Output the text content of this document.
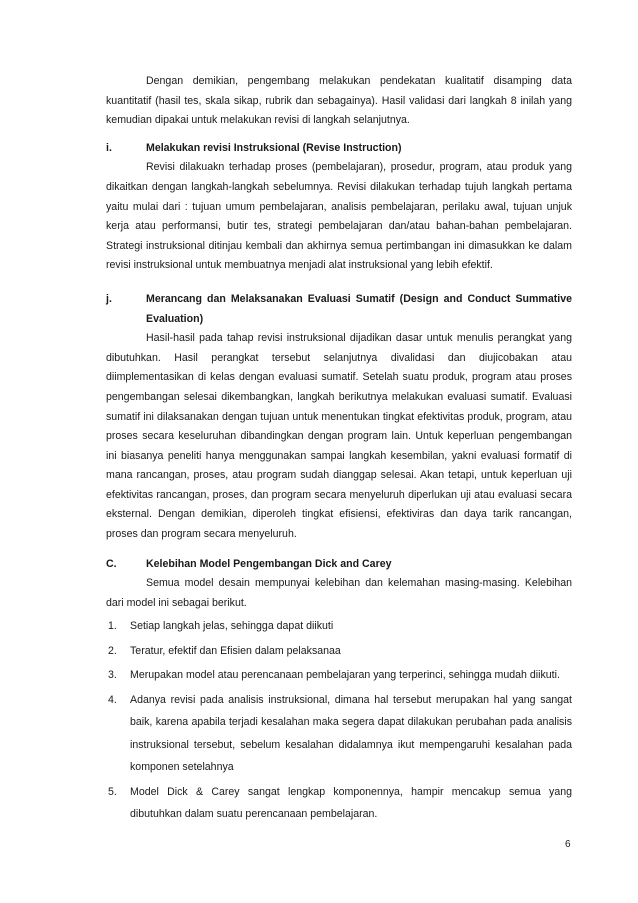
Dengan demikian, pengembang melakukan pendekatan kualitatif disamping data kuantitatif (hasil tes, skala sikap, rubrik dan sebagainya). Hasil validasi dari langkah 8 inilah yang kemudian dipakai untuk melakukan revisi di langkah selanjutnya.

i.	Melakukan revisi Instruksional (Revise Instruction)

Revisi dilakuakn terhadap proses (pembelajaran), prosedur, program, atau produk yang dikaitkan dengan langkah-langkah sebelumnya. Revisi dilakukan terhadap tujuh langkah pertama yaitu mulai dari : tujuan umum pembelajaran, analisis pembelajaran, perilaku awal, tujuan unjuk kerja atau performansi, butir tes, strategi pembelajaran dan/atau bahan-bahan pembelajaran. Strategi instruksional ditinjau kembali dan akhirnya semua pertimbangan ini dimasukkan ke dalam revisi instruksional untuk membuatnya menjadi alat instruksional yang lebih efektif.

j.	Merancang dan Melaksanakan Evaluasi Sumatif (Design and Conduct Summative Evaluation)

Hasil-hasil pada tahap revisi instruksional dijadikan dasar untuk menulis perangkat yang dibutuhkan. Hasil perangkat tersebut selanjutnya divalidasi dan diujicobakan atau diimplementasikan di kelas dengan evaluasi sumatif. Setelah suatu produk, program atau proses pengembangan selesai dikembangkan, langkah berikutnya melakukan evaluasi sumatif. Evaluasi sumatif ini dilaksanakan dengan tujuan untuk menentukan tingkat efektivitas produk, program, atau proses secara keseluruhan dibandingkan dengan program lain. Untuk keperluan pengembangan ini biasanya peneliti hanya menggunakan sampai langkah kesembilan, yakni evaluasi formatif di mana rancangan, proses, atau program sudah dianggap selesai. Akan tetapi, untuk keperluan uji efektivitas rancangan, proses, dan program secara menyeluruh diperlukan uji atau evaluasi secara eksternal. Dengan demikian, diperoleh tingkat efisiensi, efektiviras dan daya tarik rancangan, proses dan program secara menyeluruh.

C.	Kelebihan Model Pengembangan Dick and Carey

Semua model desain mempunyai kelebihan dan kelemahan masing-masing. Kelebihan dari model ini sebagai berikut.

1.	Setiap langkah jelas, sehingga dapat diikuti
2.	Teratur, efektif dan Efisien dalam pelaksanaa
3.	Merupakan model atau perencanaan pembelajaran yang terperinci, sehingga mudah diikuti.
4.	Adanya revisi pada analisis instruksional, dimana hal tersebut merupakan hal yang sangat baik, karena apabila terjadi kesalahan maka segera dapat dilakukan perubahan pada analisis instruksional tersebut, sebelum kesalahan didalamnya ikut mempengaruhi kesalahan pada komponen setelahnya
5.	Model Dick & Carey sangat lengkap komponennya, hampir mencakup semua yang dibutuhkan dalam suatu perencanaan pembelajaran.
6
